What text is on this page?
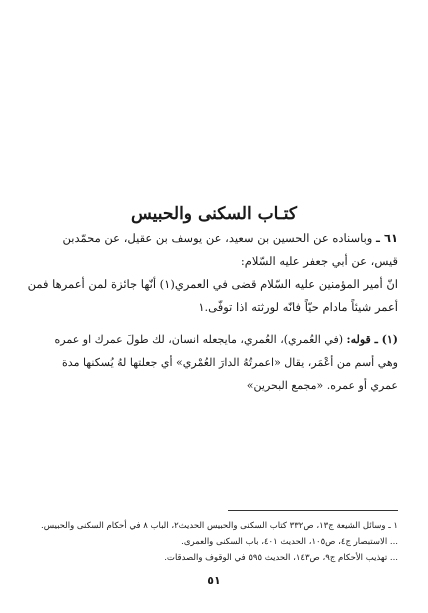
كتـاب السكنى والحبيس
٦١ ـ وباسناده عن الحسين بن سعيد، عن يوسف بن عقيل، عن محمّدبن
قيس، عن أبي جعفر عليه السّلام:
انّ أمير المؤمنين عليه السّلام قضى في العمري(١) أنّها جائزة لمن أعمرها فمن
أعمر شيئاً مادام حيّاً فانّه لورثته اذا توفّى.١
(١) ـ قوله: (في العُمري)، العُمري، مايجعله انسان، لك طولَ عمرك او عمره
وهي أسم من أعْمَر، يقال «اعمرتُهُ الدارَ العُمْري» أي جعلتها لهُ يُسكنها مدة
عمري أو عمره. «مجمع البحرين»
١ ـ وسائل الشيعة ج١٣، ص٣٣٢ كتاب السكنى والحبيس الحديث٢، الباب ٨ في أحكام السكنى والحبيس.
... الاستبصار ج٤، ص١٠٥، الحديث ٤٠١، باب السكنى والعمرى.
... تهذيب الأحكام ج٩، ص١٤٣، الحديث ٥٩٥ في الوقوف والصدقات.
٥١
